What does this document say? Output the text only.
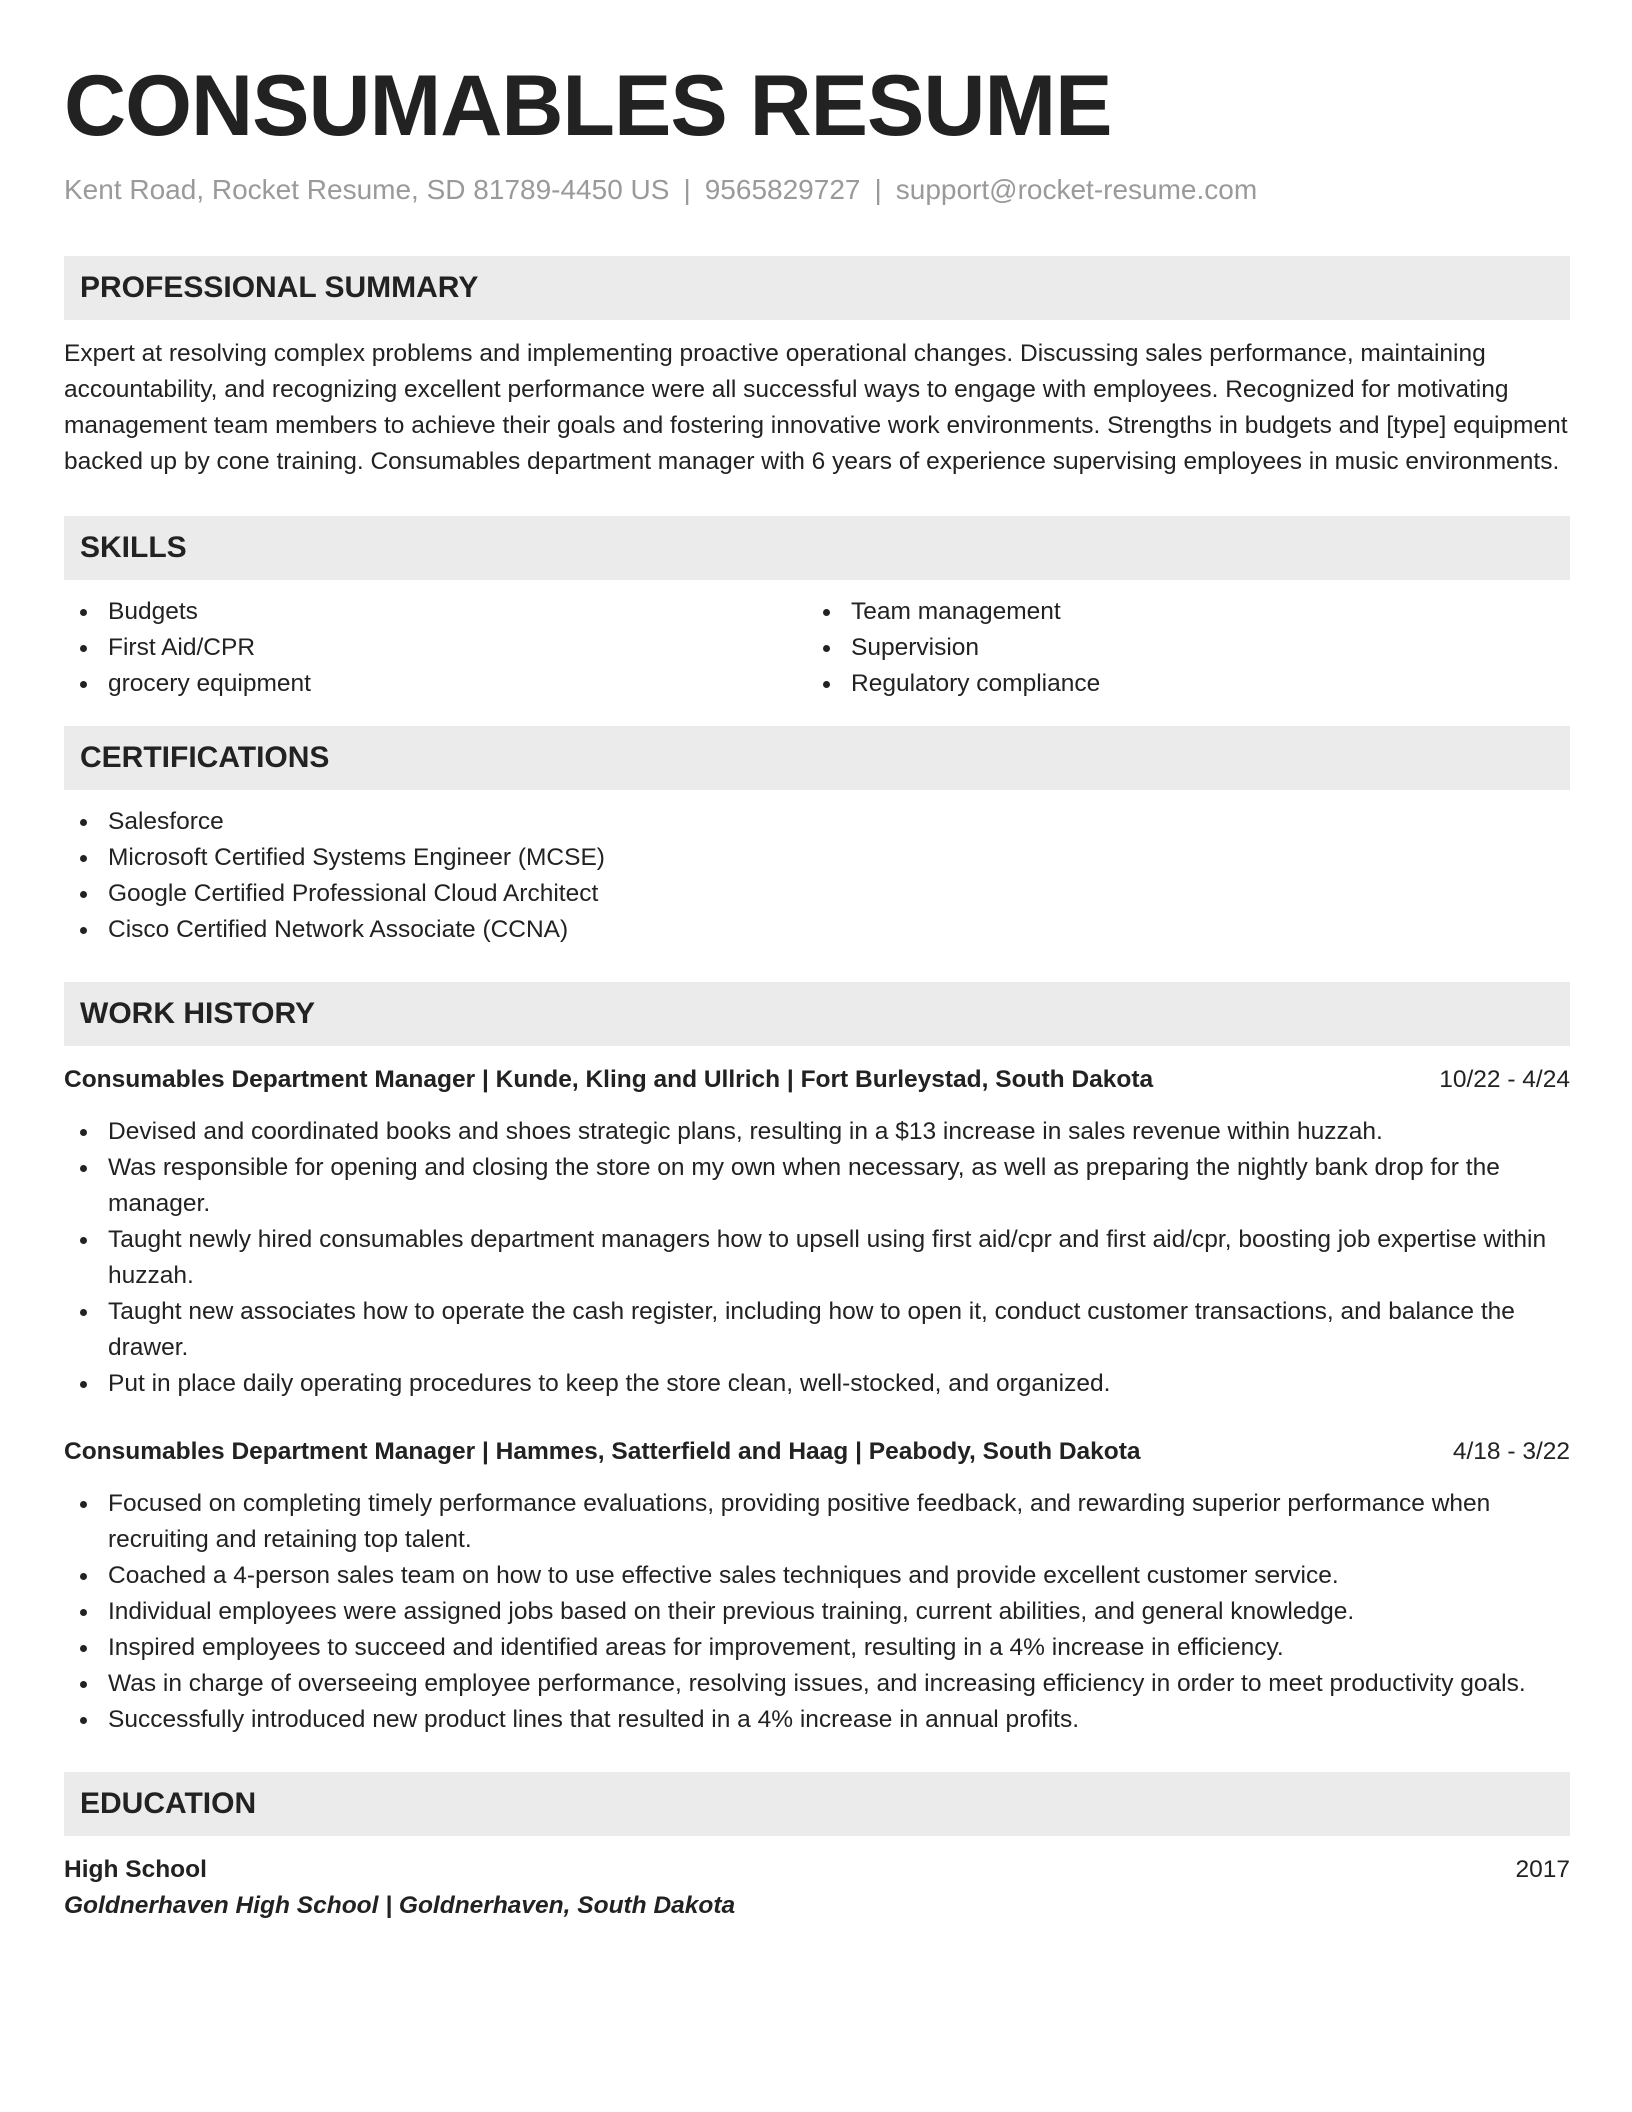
CONSUMABLES RESUME
Kent Road, Rocket Resume, SD 81789-4450 US | 9565829727 | support@rocket-resume.com
PROFESSIONAL SUMMARY
Expert at resolving complex problems and implementing proactive operational changes. Discussing sales performance, maintaining accountability, and recognizing excellent performance were all successful ways to engage with employees. Recognized for motivating management team members to achieve their goals and fostering innovative work environments. Strengths in budgets and [type] equipment backed up by cone training. Consumables department manager with 6 years of experience supervising employees in music environments.
SKILLS
Budgets
First Aid/CPR
grocery equipment
Team management
Supervision
Regulatory compliance
CERTIFICATIONS
Salesforce
Microsoft Certified Systems Engineer (MCSE)
Google Certified Professional Cloud Architect
Cisco Certified Network Associate (CCNA)
WORK HISTORY
Consumables Department Manager | Kunde, Kling and Ullrich | Fort Burleystad, South Dakota	10/22 - 4/24
Devised and coordinated books and shoes strategic plans, resulting in a $13 increase in sales revenue within huzzah.
Was responsible for opening and closing the store on my own when necessary, as well as preparing the nightly bank drop for the manager.
Taught newly hired consumables department managers how to upsell using first aid/cpr and first aid/cpr, boosting job expertise within huzzah.
Taught new associates how to operate the cash register, including how to open it, conduct customer transactions, and balance the drawer.
Put in place daily operating procedures to keep the store clean, well-stocked, and organized.
Consumables Department Manager | Hammes, Satterfield and Haag | Peabody, South Dakota	4/18 - 3/22
Focused on completing timely performance evaluations, providing positive feedback, and rewarding superior performance when recruiting and retaining top talent.
Coached a 4-person sales team on how to use effective sales techniques and provide excellent customer service.
Individual employees were assigned jobs based on their previous training, current abilities, and general knowledge.
Inspired employees to succeed and identified areas for improvement, resulting in a 4% increase in efficiency.
Was in charge of overseeing employee performance, resolving issues, and increasing efficiency in order to meet productivity goals.
Successfully introduced new product lines that resulted in a 4% increase in annual profits.
EDUCATION
High School	2017
Goldnerhaven High School | Goldnerhaven, South Dakota
